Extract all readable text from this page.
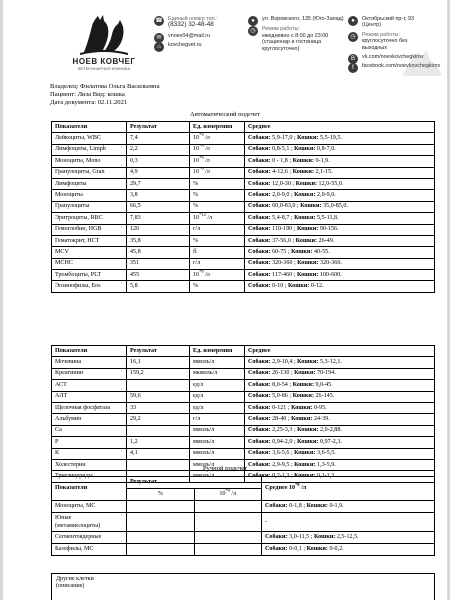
НОЕВ КОВЧЕГ
ВЕТЕРИНАРНАЯ КЛИНИКА
☎ Единый номер тел.:
(8332) 32-48-48
✉	vnoev04@mail.ru
⌂	kovchegvet.ru
●	ул. Воровского, 135 (Юго-Запад)
◷	Режим работы:
ежедневно с 8:00 до 23:00
(стационар и гостиница
круглосуточно)
●	Октябрьский пр-т, 93 (Центр)
◷	Режим работы:
круглосуточно без выходных
В	vk.com/noevkovchegkirov
f	facebook.com/noevkovchegkirov
Владелец: Филатова Ольга Васильевна
Пациент: Лиза Вид: кошка
Дата документа: 02.11.2021
Автоматический подсчет
Показатели	Результат	Ед. измерения	Среднее
Лейкоциты, WBC	7,4	10$^{*9}$ /л	Собаки: 5,9-17,0 ; Кошки: 5,5-19,5.
Лимфоциты, Limph	2,2	10$^{*9}$ /л	Собаки: 0,8-5,1 ; Кошки: 0,8-7,0.
Моноциты, Mono	0,3	10$^{*9}$ /л	Собаки: 0 - 1,8 ; Кошки: 0-1,9.
Гранулоциты, Gran	4,9	10$^{*9}$ /л	Собаки: 4-12,6 ; Кошки: 2,1-15.
Лимфоциты	29,7	%	Собаки: 12,0-30 ; Кошки: 12,0-55,0.
Моноциты	3,8	%	Собаки: 2,0-9,0 ; Кошки: 2,0-9,0.
Гранулоциты	66,5	%	Собаки: 60,0-83,0 ; Кошки: 35,0-85,0.
Эритроциты, RBC	7,83	10$^{*12}$ /л	Собаки: 5,4-8,7 ; Кошки: 5,5-11,8.
Гемоглобин, HGB	126	г/л	Собаки: 110-190 ; Кошки: 90-156.
Гематокрит, HCT	35,8	%	Собаки: 37-56,0 ; Кошки: 26-49.
MCV	45,8	fl	Собаки: 60-75 ; Кошки: 40-55.
MCHC	351	г/л	Собаки: 320-360 ; Кошки: 320-360.
Тромбоциты, PLT	455	10$^{*9}$ /л	Собаки: 117-460 ; Кошки: 100-600.
Эозинофилы, Eos	5,8	%	Собаки: 0-10 ; Кошки: 0-12.
Показатели	Результат	Ед. измерения	Среднее
Мочевина	16,1	ммоль/л	Собаки: 2,9-10,4 ; Кошки: 5,3-12,1.
Креатинин	159,2	мкмоль/л	Собаки: 26-130 ; Кошки: 70-194.
АСТ		ед/л	Собаки: 8,0-54 ; Кошки: 9,0-45.
АЛТ	59,6	ед/л	Собаки: 5,0-86 ; Кошки: 26-145.
Щелочная фосфатаза	33	ед/л	Собаки: 0-121 ; Кошки: 0-95.
Альбумин	29,2	г/л	Собаки: 28-40 ; Кошки: 24-39.
Са		ммоль/л	Собаки: 2,25-3,3 ; Кошки: 2,0-2,88.
Р	1,2	ммоль/л	Собаки: 0,94-2,0 ; Кошки: 0,97-2,3.
К	4,1	ммоль/л	Собаки: 3,6-5,6 ; Кошки: 3,6-5,5.
Холестерин		ммоль/л	Собаки: 2,9-9,5 ; Кошки: 1,3-5,9.
Триглицериды		ммоль/л	Собаки: 0,2-1,3 ; Кошки: 0,1-1,3.
Ручной подсчет
Показатели	Результат		Среднее 10$^{*9}$ /л
	%	10$^{*9}$ /л	

Моноциты, МС			Собаки: 0-1,8 ; Кошки: 0-1,9.

Юные
(метамиелоциты)			-

Сегментоядерные			Собаки: 3,0-11,5 ; Кошки: 2,5-12,5.

Базофилы, МС			Собаки: 0-0,1 ; Кошки: 0-0,2.
Другие клетки
(описание)
